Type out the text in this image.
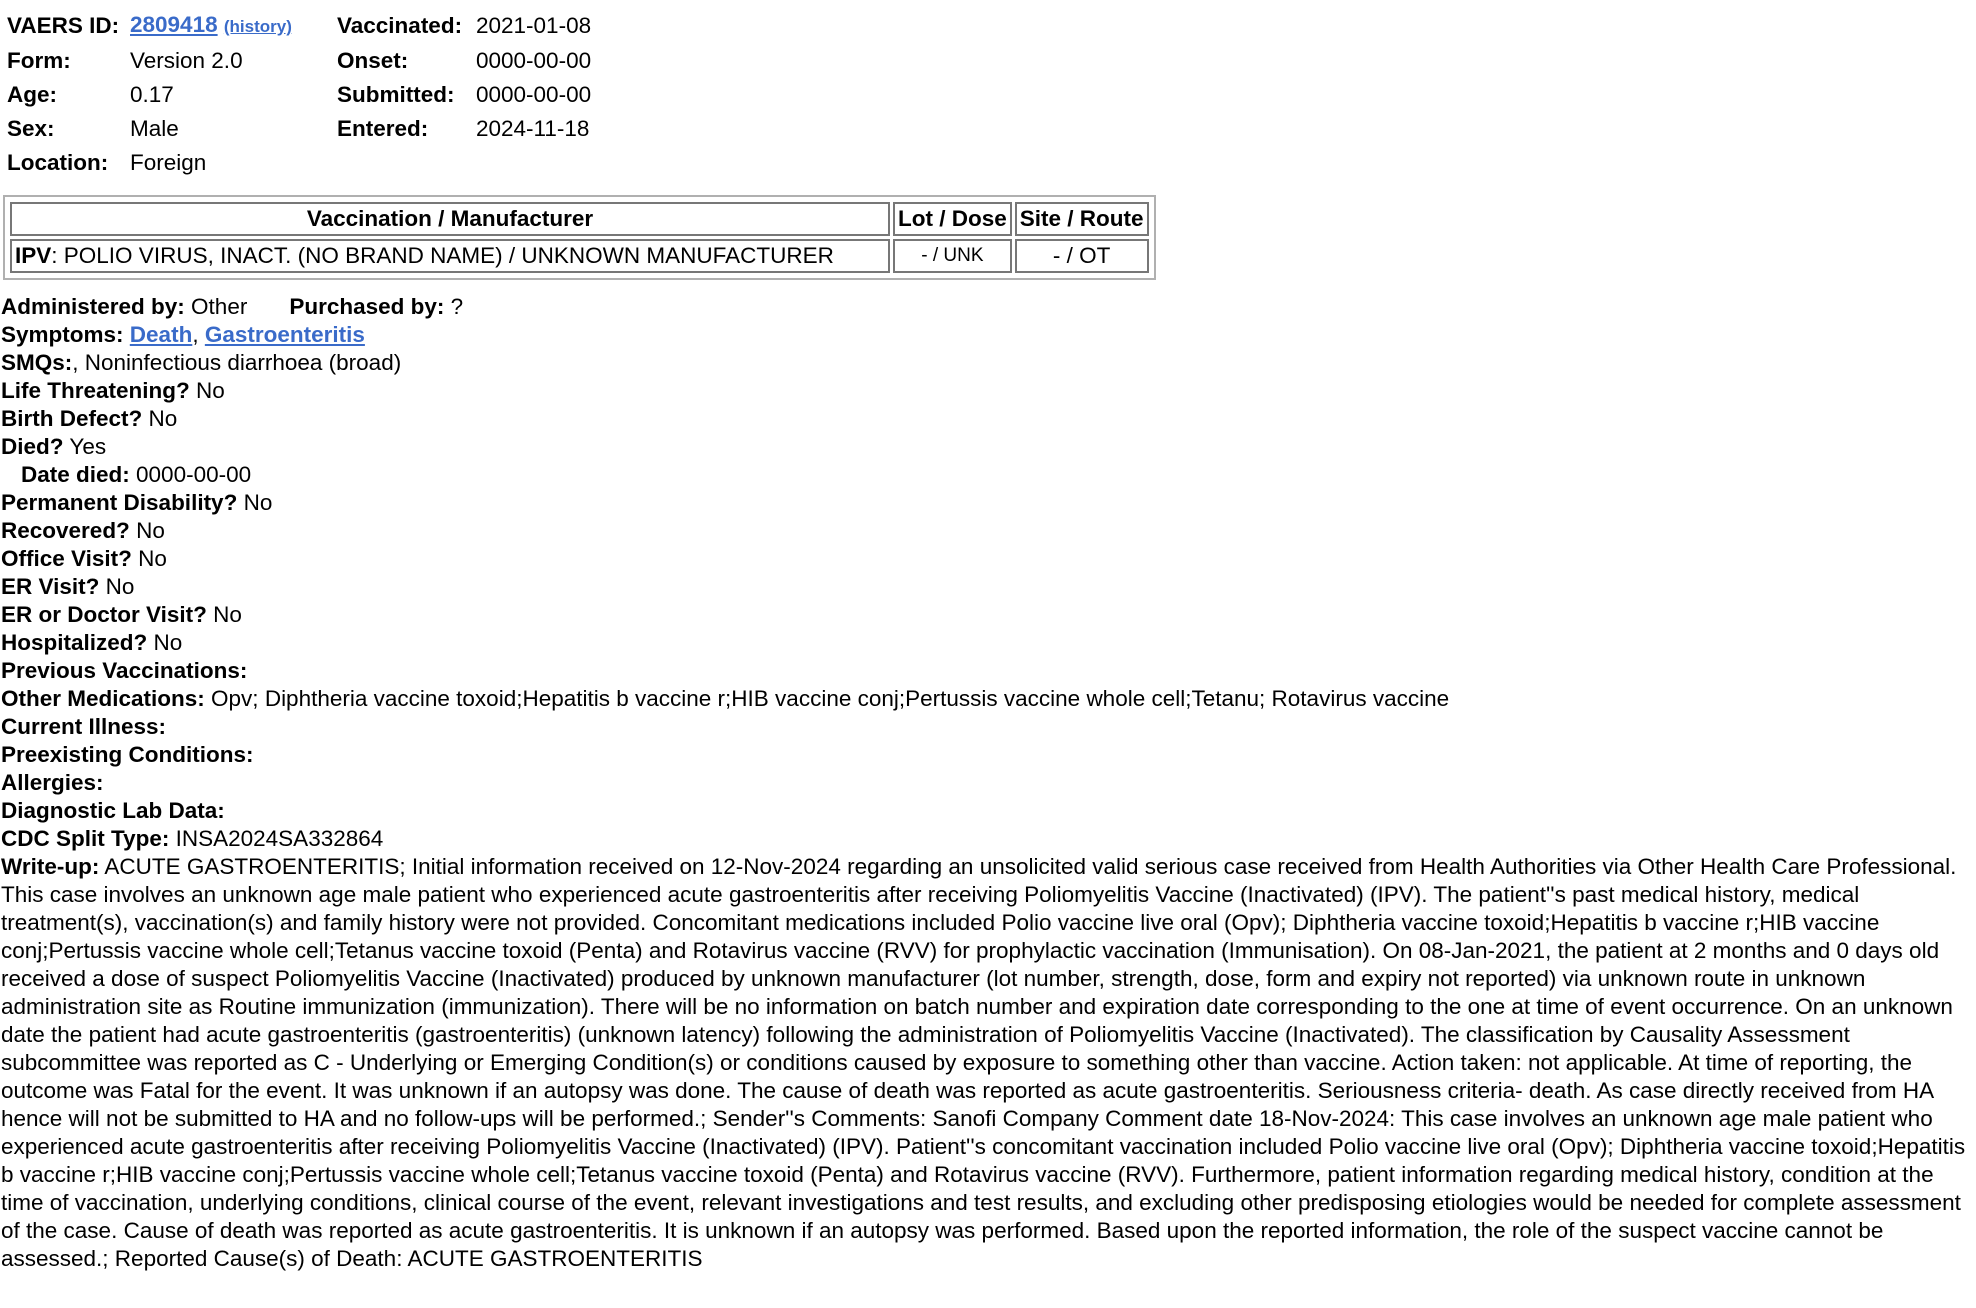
VAERS ID:	2809418 (history)	Vaccinated:	2021-01-08
Form:	Version 2.0	Onset:	0000-00-00
Age:	0.17	Submitted:	0000-00-00
Sex:	Male	Entered:	2024-11-18
Location:	Foreign		
Vaccination / Manufacturer	Lot / Dose	Site / Route
IPV: POLIO VIRUS, INACT. (NO BRAND NAME) / UNKNOWN MANUFACTURER	- / UNK	- / OT
Administered by: Other Purchased by: ?
Symptoms: Death, Gastroenteritis
SMQs:, Noninfectious diarrhoea (broad)
Life Threatening? No
Birth Defect? No
Died? Yes
Date died: 0000-00-00
Permanent Disability? No
Recovered? No
Office Visit? No
ER Visit? No
ER or Doctor Visit? No
Hospitalized? No
Previous Vaccinations:
Other Medications: Opv; Diphtheria vaccine toxoid;Hepatitis b vaccine r;HIB vaccine conj;Pertussis vaccine whole cell;Tetanu; Rotavirus vaccine
Current Illness:
Preexisting Conditions:
Allergies:
Diagnostic Lab Data:
CDC Split Type: INSA2024SA332864
Write-up: ACUTE GASTROENTERITIS; Initial information received on 12-Nov-2024 regarding an unsolicited valid serious case received from Health Authorities via Other Health Care Professional. This case involves an unknown age male patient who experienced acute gastroenteritis after receiving Poliomyelitis Vaccine (Inactivated) (IPV). The patient''s past medical history, medical treatment(s), vaccination(s) and family history were not provided. Concomitant medications included Polio vaccine live oral (Opv); Diphtheria vaccine toxoid;Hepatitis b vaccine r;HIB vaccine conj;Pertussis vaccine whole cell;Tetanus vaccine toxoid (Penta) and Rotavirus vaccine (RVV) for prophylactic vaccination (Immunisation). On 08-Jan-2021, the patient at 2 months and 0 days old received a dose of suspect Poliomyelitis Vaccine (Inactivated) produced by unknown manufacturer (lot number, strength, dose, form and expiry not reported) via unknown route in unknown administration site as Routine immunization (immunization). There will be no information on batch number and expiration date corresponding to the one at time of event occurrence. On an unknown date the patient had acute gastroenteritis (gastroenteritis) (unknown latency) following the administration of Poliomyelitis Vaccine (Inactivated). The classification by Causality Assessment subcommittee was reported as C - Underlying or Emerging Condition(s) or conditions caused by exposure to something other than vaccine. Action taken: not applicable. At time of reporting, the outcome was Fatal for the event. It was unknown if an autopsy was done. The cause of death was reported as acute gastroenteritis. Seriousness criteria- death. As case directly received from HA hence will not be submitted to HA and no follow-ups will be performed.; Sender''s Comments: Sanofi Company Comment date 18-Nov-2024: This case involves an unknown age male patient who experienced acute gastroenteritis after receiving Poliomyelitis Vaccine (Inactivated) (IPV). Patient''s concomitant vaccination included Polio vaccine live oral (Opv); Diphtheria vaccine toxoid;Hepatitis b vaccine r;HIB vaccine conj;Pertussis vaccine whole cell;Tetanus vaccine toxoid (Penta) and Rotavirus vaccine (RVV). Furthermore, patient information regarding medical history, condition at the time of vaccination, underlying conditions, clinical course of the event, relevant investigations and test results, and excluding other predisposing etiologies would be needed for complete assessment of the case. Cause of death was reported as acute gastroenteritis. It is unknown if an autopsy was performed. Based upon the reported information, the role of the suspect vaccine cannot be assessed.; Reported Cause(s) of Death: ACUTE GASTROENTERITIS
